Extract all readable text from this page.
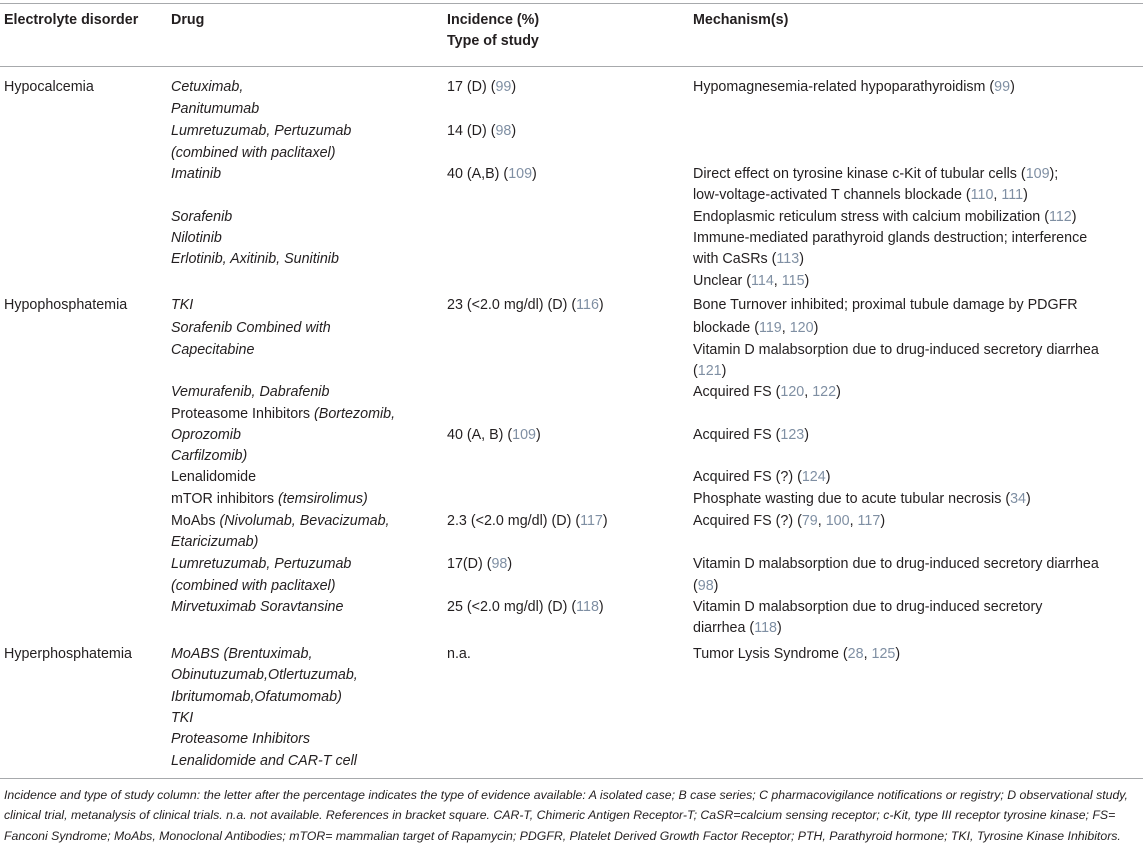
Electrolyte disorder Drug	Incidence (%)
Type of study
Mechanism(s)
Hypocalcemia
Hypophosphatemia
Hyperphosphatemia
Cetuximab,
Panitumumab
Lumretuzumab, Pertuzumab
(combined with paclitaxel)
Imatinib
Sorafenib
Nilotinib
Erlotinib, Axitinib, Sunitinib
TKI
Sorafenib Combined with
Capecitabine
Vemurafenib, Dabrafenib
Proteasome Inhibitors (Bortezomib,
Oprozomib
Carfilzomib)
Lenalidomide
mTOR inhibitors (temsirolimus)
MoAbs (Nivolumab, Bevacizumab,
Etaricizumab)
Lumretuzumab, Pertuzumab
(combined with paclitaxel)
Mirvetuximab Soravtansine
MoABS (Brentuximab,
Obinutuzumab,Otlertuzumab,
Ibritumomab,Ofatumomab)
TKI
Proteasome Inhibitors
Lenalidomide and CAR-T cell
17 (D) (99)
14 (D) (98)
40 (A,B) (109)
23 (<2.0 mg/dl) (D) (116)
40 (A, B) (109)
2.3 (<2.0 mg/dl) (D) (117)
17(D) (98)
25 (<2.0 mg/dl) (D) (118)
n.a.
Hypomagnesemia-related hypoparathyroidism (99)
Direct effect on tyrosine kinase c-Kit of tubular cells (109);
low-voltage-activated T channels blockade (110, 111)
Endoplasmic reticulum stress with calcium mobilization (112)
Immune-mediated parathyroid glands destruction; interference
with CaSRs (113)
Unclear (114, 115)
Bone Turnover inhibited; proximal tubule damage by PDGFR
blockade (119, 120)
Vitamin D malabsorption due to drug-induced secretory diarrhea
(121)
Acquired FS (120, 122)
Acquired FS (123)
Acquired FS (?) (124)
Phosphate wasting due to acute tubular necrosis (34)
Acquired FS (?) (79, 100, 117)
Vitamin D malabsorption due to drug-induced secretory diarrhea
(98)
Vitamin D malabsorption due to drug-induced secretory
diarrhea (118)
Tumor Lysis Syndrome (28, 125)
Incidence and type of study column: the letter after the percentage indicates the type of evidence available: A isolated case; B case series; C pharmacovigilance notifications or registry; D observational study, clinical trial, metanalysis of clinical trials. n.a. not available. References in bracket square. CAR-T, Chimeric Antigen Receptor-T; CaSR=calcium sensing receptor; c-Kit, type III receptor tyrosine kinase; FS= Fanconi Syndrome; MoAbs, Monoclonal Antibodies; mTOR= mammalian target of Rapamycin; PDGFR, Platelet Derived Growth Factor Receptor; PTH, Parathyroid hormone; TKI, Tyrosine Kinase Inhibitors.
